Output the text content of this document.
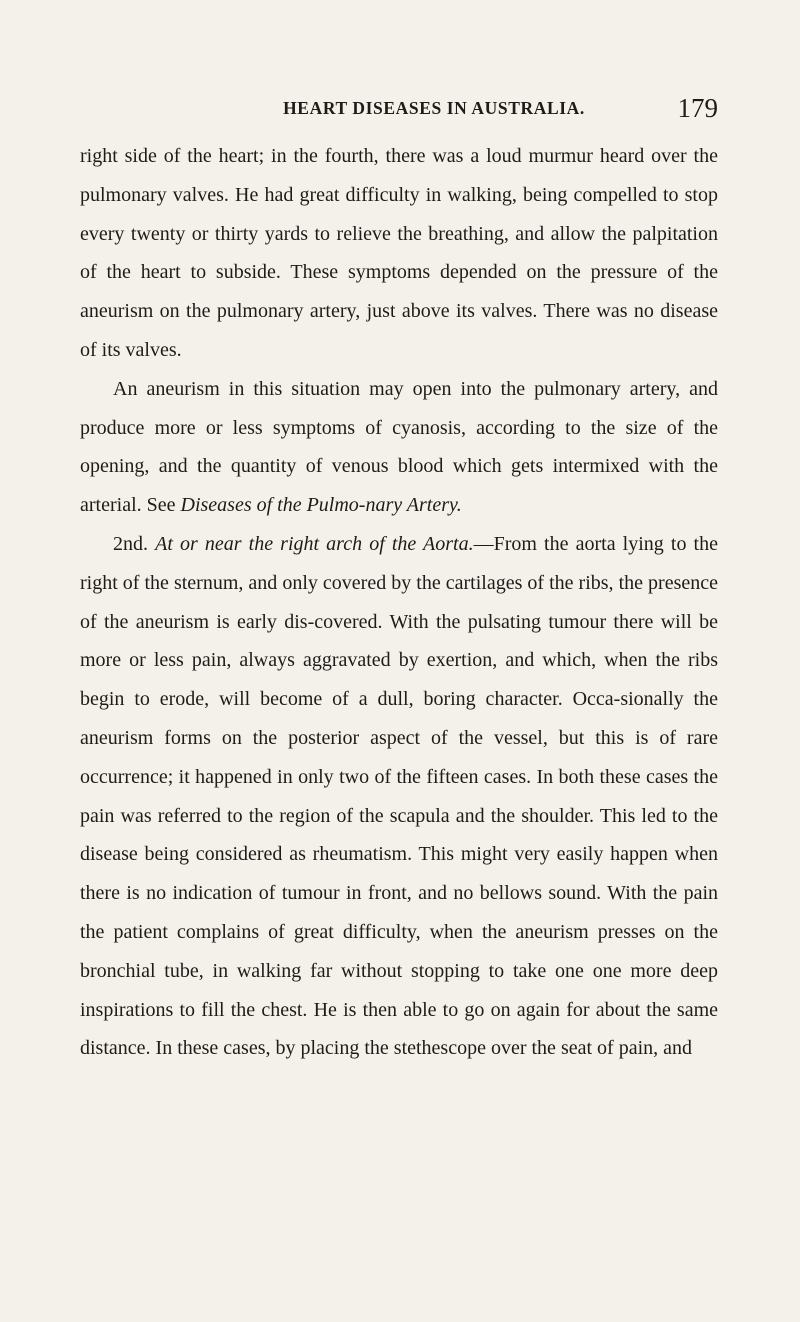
HEART DISEASES IN AUSTRALIA.	179

right side of the heart; in the fourth, there was a loud murmur heard over the pulmonary valves. He had great difficulty in walking, being compelled to stop every twenty or thirty yards to relieve the breathing, and allow the palpitation of the heart to subside. These symptoms depended on the pressure of the aneurism on the pulmonary artery, just above its valves. There was no disease of its valves.

An aneurism in this situation may open into the pulmonary artery, and produce more or less symptoms of cyanosis, according to the size of the opening, and the quantity of venous blood which gets intermixed with the arterial. See Diseases of the Pulmo-nary Artery.

2nd. At or near the right arch of the Aorta.—From the aorta lying to the right of the sternum, and only covered by the cartilages of the ribs, the presence of the aneurism is early dis-covered. With the pulsating tumour there will be more or less pain, always aggravated by exertion, and which, when the ribs begin to erode, will become of a dull, boring character. Occa-sionally the aneurism forms on the posterior aspect of the vessel, but this is of rare occurrence; it happened in only two of the fifteen cases. In both these cases the pain was referred to the region of the scapula and the shoulder. This led to the disease being considered as rheumatism. This might very easily happen when there is no indication of tumour in front, and no bellows sound. With the pain the patient complains of great difficulty, when the aneurism presses on the bronchial tube, in walking far without stopping to take one one more deep inspirations to fill the chest. He is then able to go on again for about the same distance. In these cases, by placing the stethescope over the seat of pain, and
